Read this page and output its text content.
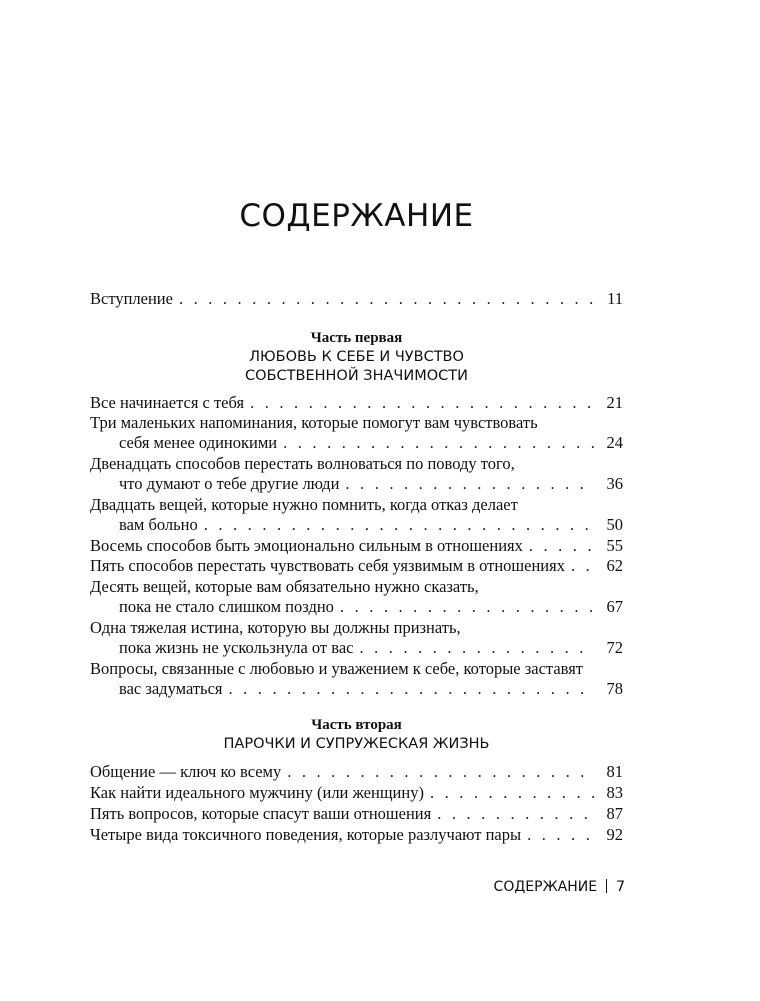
СОДЕРЖАНИЕ
Вступление . . .	11
Часть первая
ЛЮБОВЬ К СЕБЕ И ЧУВСТВО
СОБСТВЕННОЙ ЗНАЧИМОСТИ
Все начинается с тебя . . .	21
Три маленьких напоминания, которые помогут вам чувствовать
себя менее одинокими . . .	24
Двенадцать способов перестать волноваться по поводу того,
что думают о тебе другие люди . . .	36
Двадцать вещей, которые нужно помнить, когда отказ делает
вам больно . . .	50
Восемь способов быть эмоционально сильным в отношениях . . .	55
Пять способов перестать чувствовать себя уязвимым в отношениях . . .	62
Десять вещей, которые вам обязательно нужно сказать,
пока не стало слишком поздно . . .	67
Одна тяжелая истина, которую вы должны признать,
пока жизнь не ускользнула от вас . . .	72
Вопросы, связанные с любовью и уважением к себе, которые заставят
вас задуматься . . .	78
Часть вторая
ПАРОЧКИ И СУПРУЖЕСКАЯ ЖИЗНЬ
Общение — ключ ко всему . . .	81
Как найти идеального мужчину (или женщину) . . .	83
Пять вопросов, которые спасут ваши отношения . . .	87
Четыре вида токсичного поведения, которые разлучают пары . . .	92
СОДЕРЖАНИЕ 7
